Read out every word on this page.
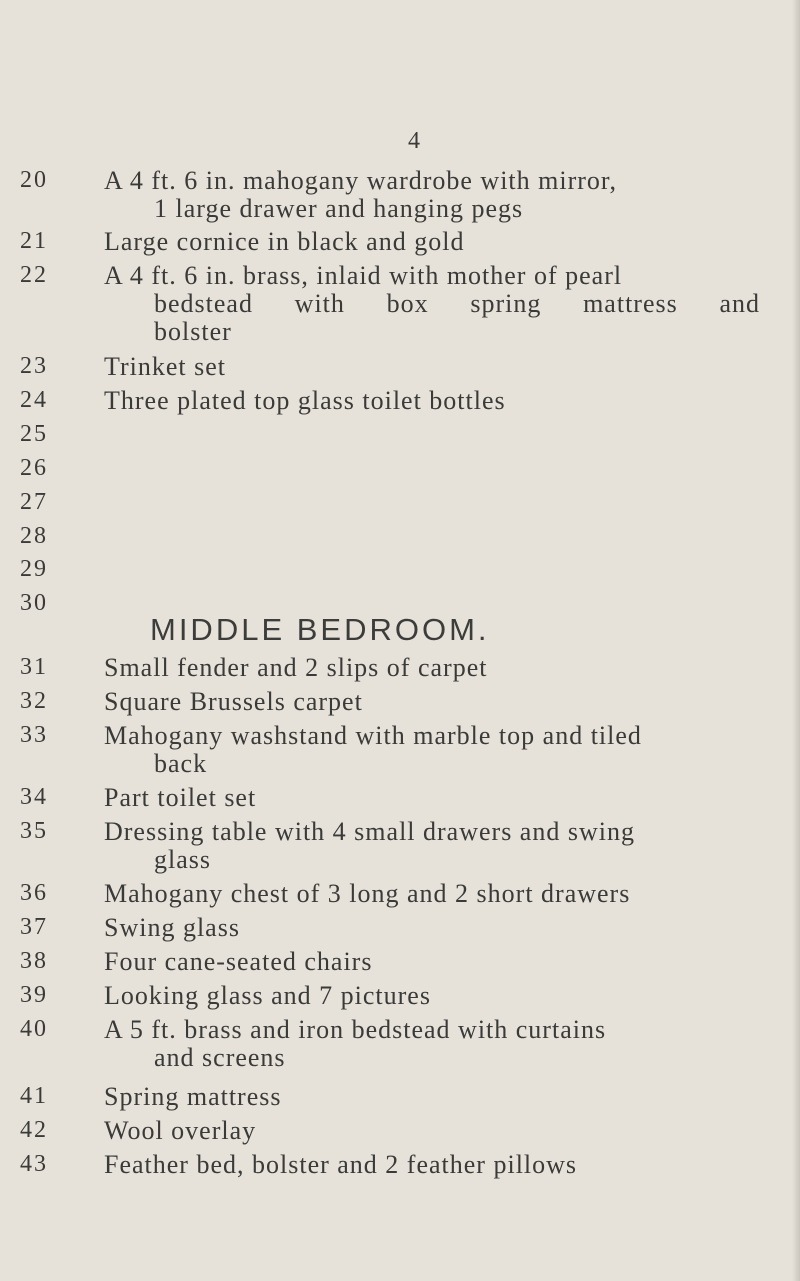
4
20	A 4 ft. 6 in. mahogany wardrobe with mirror,
1 large drawer and hanging pegs
21	Large cornice in black and gold
22	A 4 ft. 6 in. brass, inlaid with mother of pearl
bedstead with box spring mattress and
bolster
23	Trinket set
24	Three plated top glass toilet bottles
25
26
27
28
29
30
MIDDLE BEDROOM.
31	Small fender and 2 slips of carpet
32	Square Brussels carpet
33	Mahogany washstand with marble top and tiled
back
34	Part toilet set
35	Dressing table with 4 small drawers and swing
glass
36	Mahogany chest of 3 long and 2 short drawers
37	Swing glass
38	Four cane-seated chairs
39	Looking glass and 7 pictures
40	A 5 ft. brass and iron bedstead with curtains
and screens
41	Spring mattress
42	Wool overlay
43	Feather bed, bolster and 2 feather pillows
